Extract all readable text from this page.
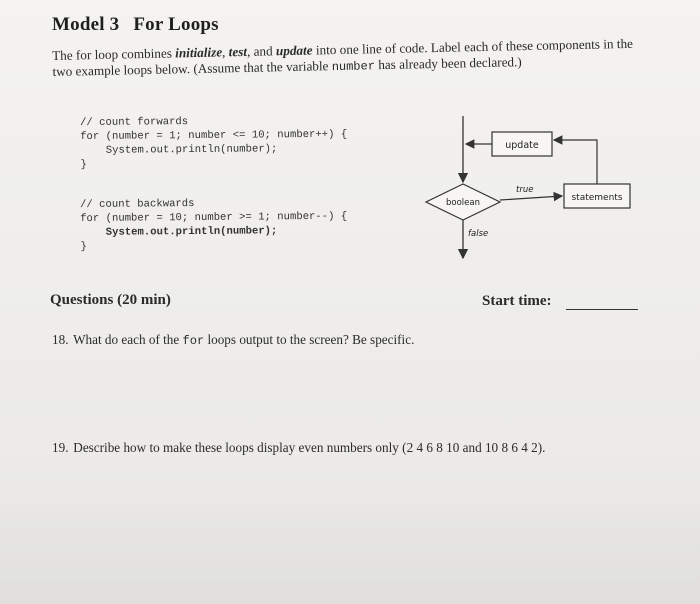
Model 3 For Loops

The for loop combines initialize, test, and update into one line of code. Label each of these components in the two example loops below. (Assume that the variable number has already been declared.)

// count forwards
for (number = 1; number <= 10; number++) {
System.out.println(number);
}
// count backwards
for (number = 10; number >= 1; number--) {
System.out.println(number);
}
update
boolean
true
statements
false
Questions (20 min)	Start time:

18. What do each of the for loops output to the screen? Be specific.

19. Describe how to make these loops display even numbers only (2 4 6 8 10 and 10 8 6 4 2).
